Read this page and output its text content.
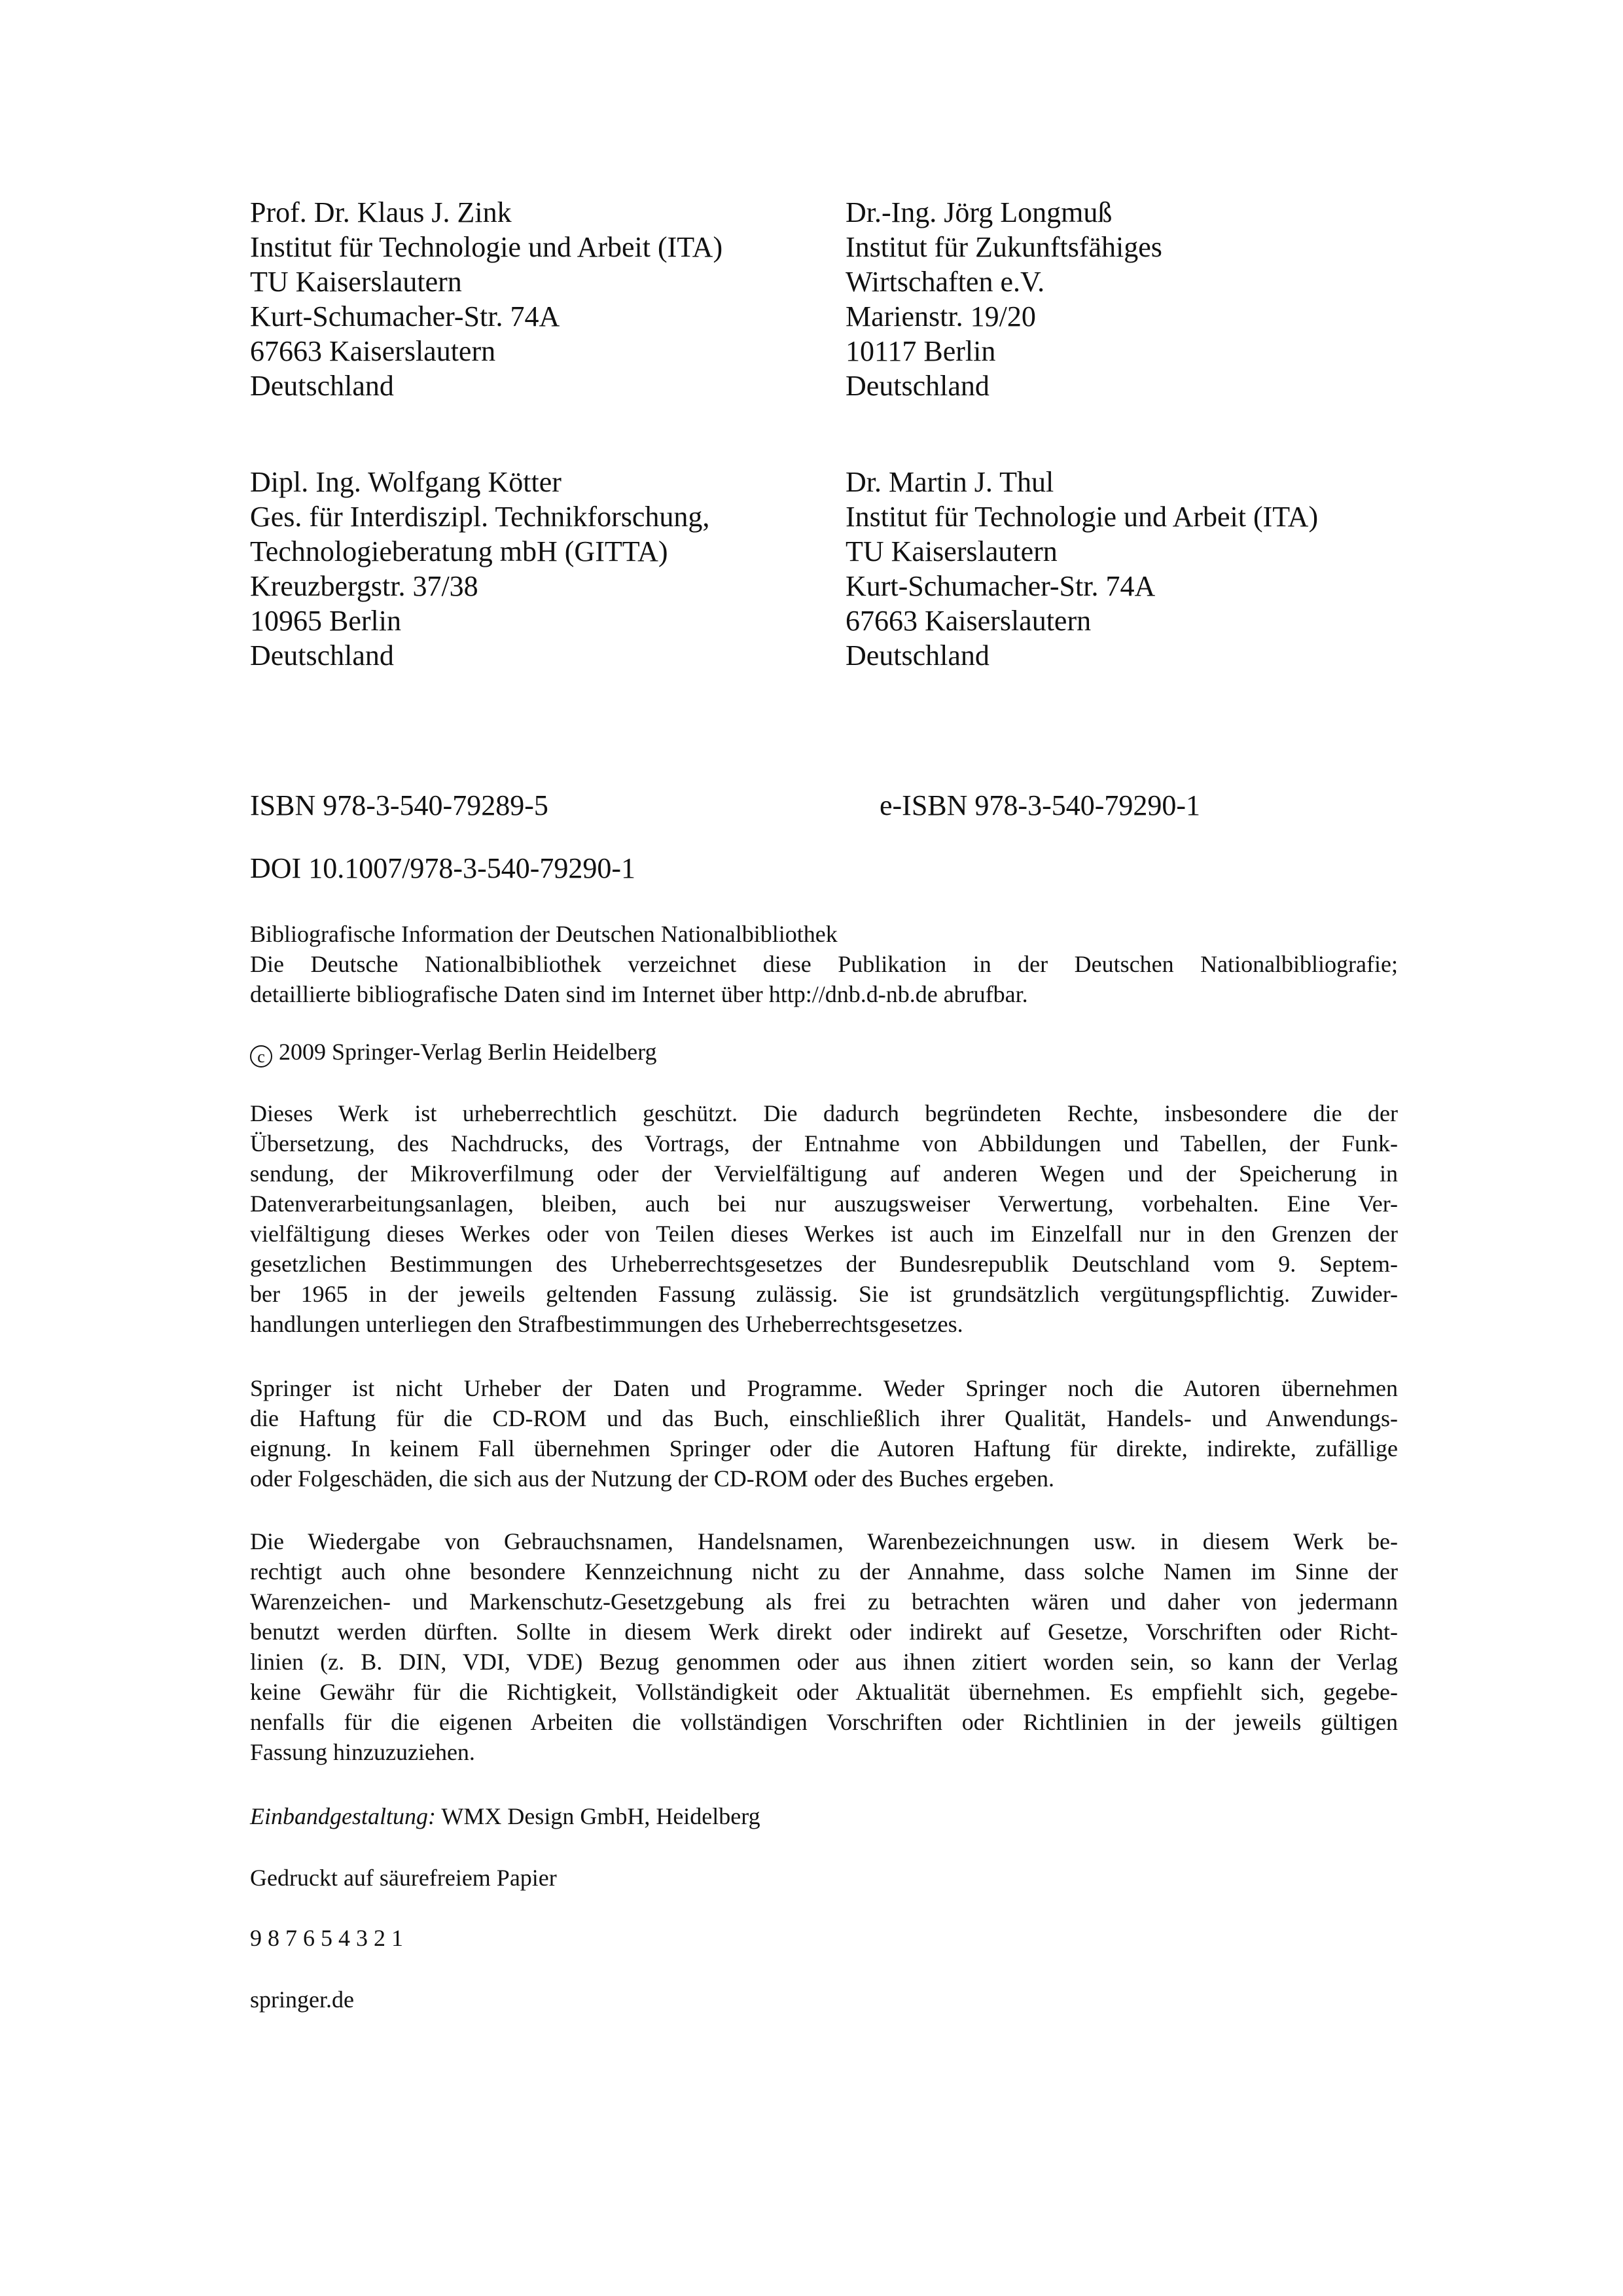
Prof. Dr. Klaus J. Zink
Institut für Technologie und Arbeit (ITA)
TU Kaiserslautern
Kurt-Schumacher-Str. 74A
67663 Kaiserslautern
Deutschland
Dr.-Ing. Jörg Longmuß
Institut für Zukunftsfähiges
Wirtschaften e.V.
Marienstr. 19/20
10117 Berlin
Deutschland
Dipl. Ing. Wolfgang Kötter
Ges. für Interdiszipl. Technikforschung,
Technologieberatung mbH (GITTA)
Kreuzbergstr. 37/38
10965 Berlin
Deutschland
Dr. Martin J. Thul
Institut für Technologie und Arbeit (ITA)
TU Kaiserslautern
Kurt-Schumacher-Str. 74A
67663 Kaiserslautern
Deutschland
ISBN 978-3-540-79289-5	e-ISBN 978-3-540-79290-1
DOI 10.1007/978-3-540-79290-1
Bibliografische Information der Deutschen Nationalbibliothek
Die Deutsche Nationalbibliothek verzeichnet diese Publikation in der Deutschen Nationalbibliografie;
detaillierte bibliografische Daten sind im Internet über http://dnb.d-nb.de abrufbar.
c 2009 Springer-Verlag Berlin Heidelberg
Dieses Werk ist urheberrechtlich geschützt. Die dadurch begründeten Rechte, insbesondere die der
Übersetzung, des Nachdrucks, des Vortrags, der Entnahme von Abbildungen und Tabellen, der Funk-
sendung, der Mikroverfilmung oder der Vervielfältigung auf anderen Wegen und der Speicherung in
Datenverarbeitungsanlagen, bleiben, auch bei nur auszugsweiser Verwertung, vorbehalten. Eine Ver-
vielfältigung dieses Werkes oder von Teilen dieses Werkes ist auch im Einzelfall nur in den Grenzen der
gesetzlichen Bestimmungen des Urheberrechtsgesetzes der Bundesrepublik Deutschland vom 9. Septem-
ber 1965 in der jeweils geltenden Fassung zulässig. Sie ist grundsätzlich vergütungspflichtig. Zuwider-
handlungen unterliegen den Strafbestimmungen des Urheberrechtsgesetzes.
Springer ist nicht Urheber der Daten und Programme. Weder Springer noch die Autoren übernehmen
die Haftung für die CD-ROM und das Buch, einschließlich ihrer Qualität, Handels- und Anwendungs-
eignung. In keinem Fall übernehmen Springer oder die Autoren Haftung für direkte, indirekte, zufällige
oder Folgeschäden, die sich aus der Nutzung der CD-ROM oder des Buches ergeben.
Die Wiedergabe von Gebrauchsnamen, Handelsnamen, Warenbezeichnungen usw. in diesem Werk be-
rechtigt auch ohne besondere Kennzeichnung nicht zu der Annahme, dass solche Namen im Sinne der
Warenzeichen- und Markenschutz-Gesetzgebung als frei zu betrachten wären und daher von jedermann
benutzt werden dürften. Sollte in diesem Werk direkt oder indirekt auf Gesetze, Vorschriften oder Richt-
linien (z. B. DIN, VDI, VDE) Bezug genommen oder aus ihnen zitiert worden sein, so kann der Verlag
keine Gewähr für die Richtigkeit, Vollständigkeit oder Aktualität übernehmen. Es empfiehlt sich, gegebe-
nenfalls für die eigenen Arbeiten die vollständigen Vorschriften oder Richtlinien in der jeweils gültigen
Fassung hinzuzuziehen.
Einbandgestaltung: WMX Design GmbH, Heidelberg
Gedruckt auf säurefreiem Papier
9 8 7 6 5 4 3 2 1
springer.de
